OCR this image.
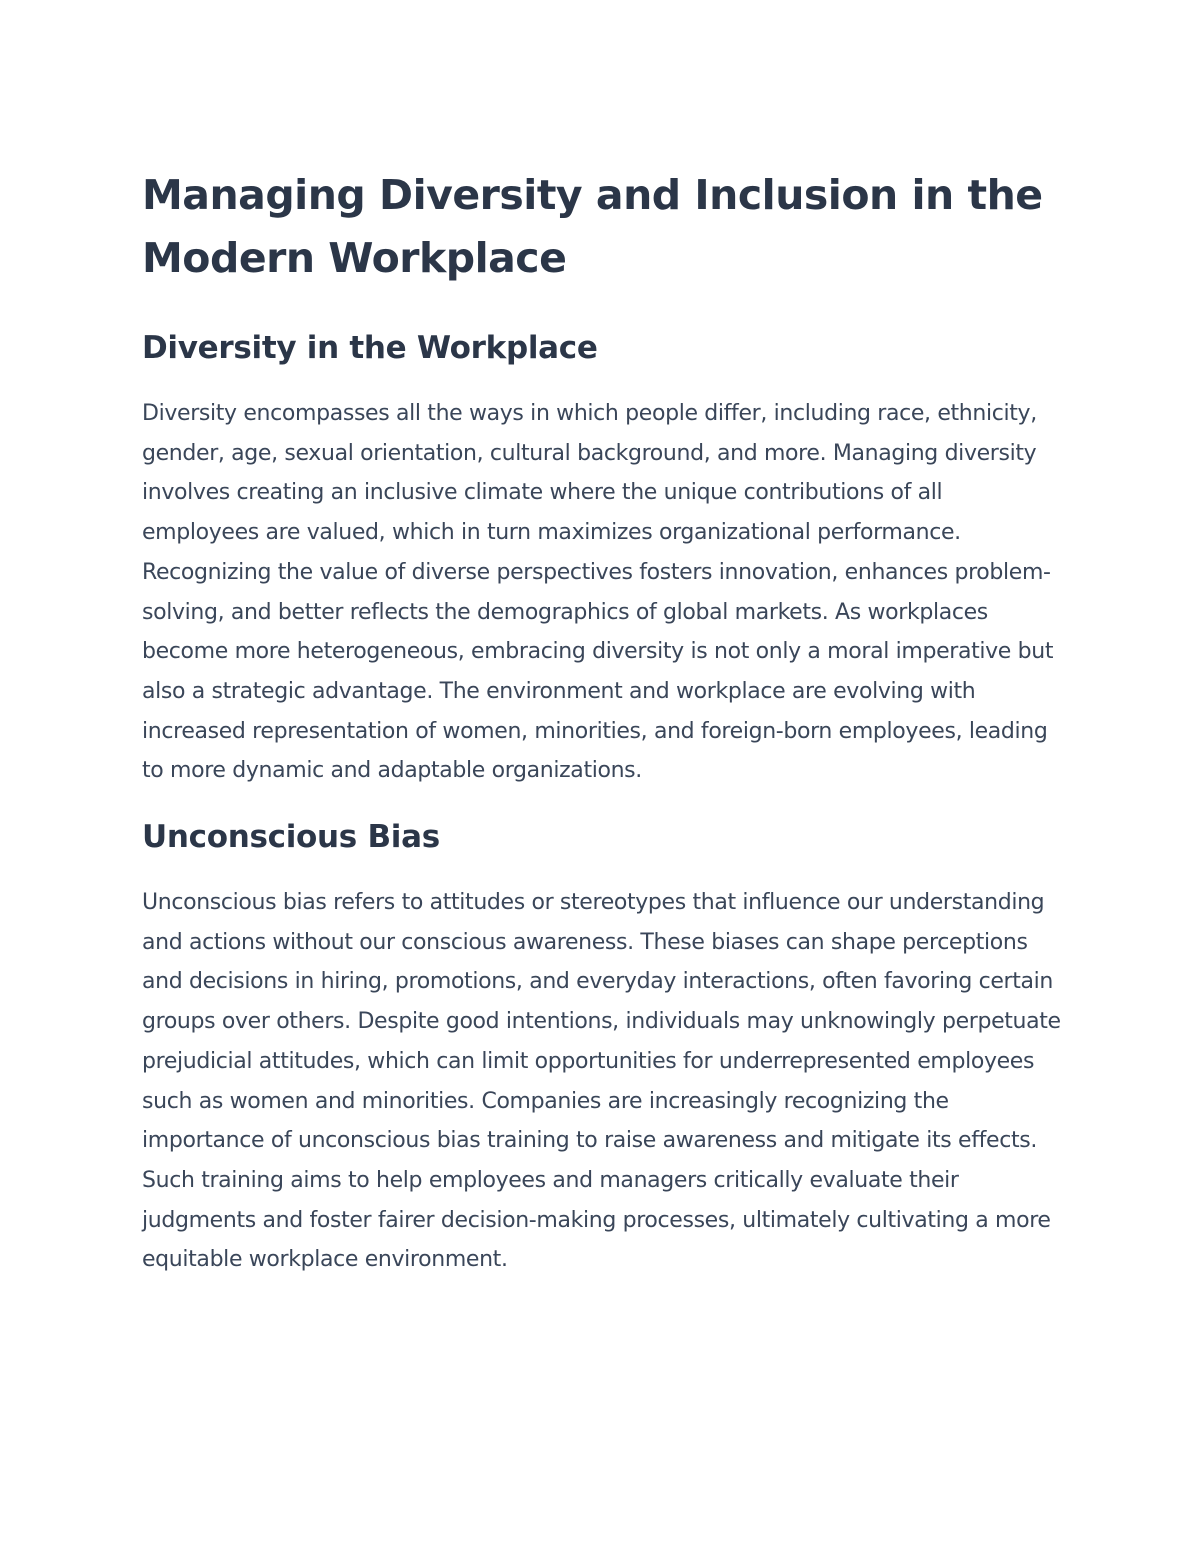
Managing Diversity and Inclusion in the Modern Workplace
Diversity in the Workplace

Diversity encompasses all the ways in which people differ, including race, ethnicity, gender, age, sexual orientation, cultural background, and more. Managing diversity involves creating an inclusive climate where the unique contributions of all employees are valued, which in turn maximizes organizational performance. Recognizing the value of diverse perspectives fosters innovation, enhances problem-solving, and better reflects the demographics of global markets. As workplaces become more heterogeneous, embracing diversity is not only a moral imperative but also a strategic advantage. The environment and workplace are evolving with increased representation of women, minorities, and foreign-born employees, leading to more dynamic and adaptable organizations.

Unconscious Bias

Unconscious bias refers to attitudes or stereotypes that influence our understanding and actions without our conscious awareness. These biases can shape perceptions and decisions in hiring, promotions, and everyday interactions, often favoring certain groups over others. Despite good intentions, individuals may unknowingly perpetuate prejudicial attitudes, which can limit opportunities for underrepresented employees such as women and minorities. Companies are increasingly recognizing the importance of unconscious bias training to raise awareness and mitigate its effects. Such training aims to help employees and managers critically evaluate their judgments and foster fairer decision-making processes, ultimately cultivating a more equitable workplace environment.
